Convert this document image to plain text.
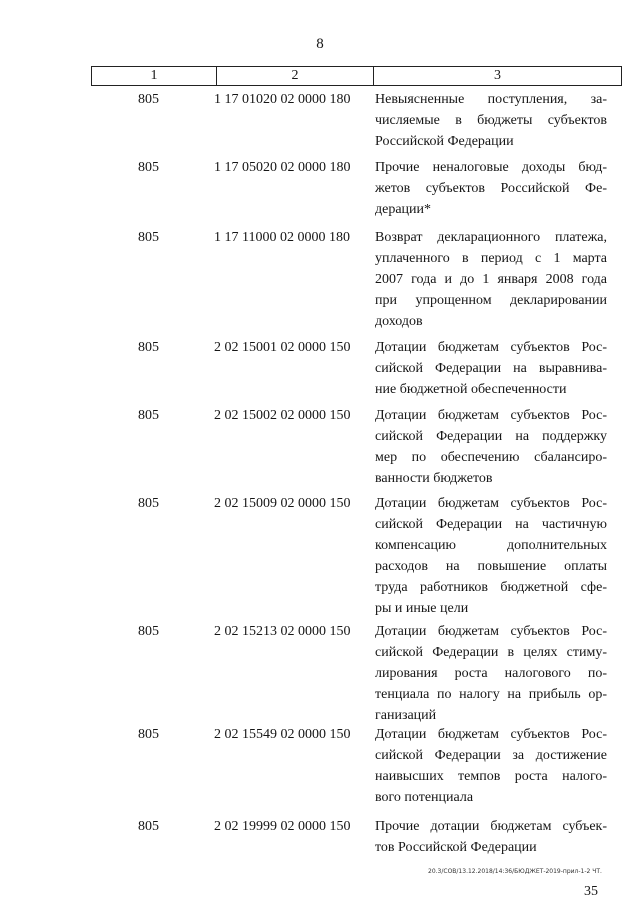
8
1	2	3
805	1 17 01020 02 0000 180	Невыясненные поступления, за-
числяемые в бюджеты субъектов
Российской Федерации
805	1 17 05020 02 0000 180	Прочие неналоговые доходы бюд-
жетов субъектов Российской Фе-
дерации*
805	1 17 11000 02 0000 180	Возврат декларационного платежа,
уплаченного в период с 1 марта
2007 года и до 1 января 2008 года
при упрощенном декларировании
доходов
805	2 02 15001 02 0000 150	Дотации бюджетам субъектов Рос-
сийской Федерации на выравнива-
ние бюджетной обеспеченности
805	2 02 15002 02 0000 150	Дотации бюджетам субъектов Рос-
сийской Федерации на поддержку
мер по обеспечению сбалансиро-
ванности бюджетов
805	2 02 15009 02 0000 150	Дотации бюджетам субъектов Рос-
сийской Федерации на частичную
компенсацию дополнительных
расходов на повышение оплаты
труда работников бюджетной сфе-
ры и иные цели
805	2 02 15213 02 0000 150	Дотации бюджетам субъектов Рос-
сийской Федерации в целях стиму-
лирования роста налогового по-
тенциала по налогу на прибыль ор-
ганизаций
805	2 02 15549 02 0000 150	Дотации бюджетам субъектов Рос-
сийской Федерации за достижение
наивысших темпов роста налого-
вого потенциала
805	2 02 19999 02 0000 150	Прочие дотации бюджетам субъек-
тов Российской Федерации
20.3/СОВ/13.12.2018/14:36/БЮДЖЕТ-2019-прил-1-2 ЧТ.
35
